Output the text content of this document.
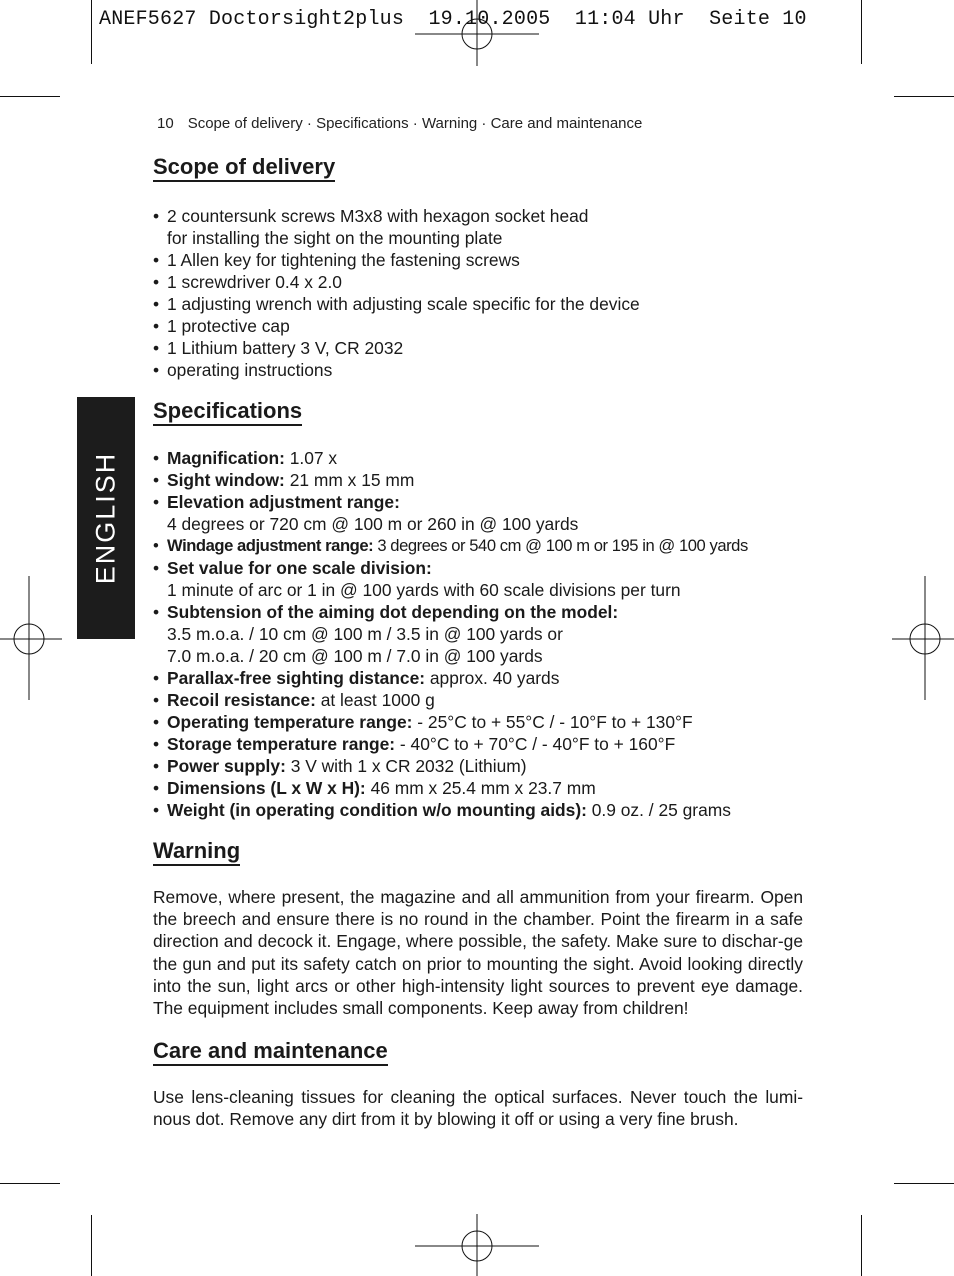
ANEF5627 Doctorsight2plus  19.10.2005  11:04 Uhr  Seite 10
10 Scope of delivery · Specifications · Warning · Care and maintenance
ENGLISH
Scope of delivery
• 2 countersunk screws M3x8 with hexagon socket head
for installing the sight on the mounting plate
• 1 Allen key for tightening the fastening screws
• 1 screwdriver 0.4 x 2.0
• 1 adjusting wrench with adjusting scale specific for the device
• 1 protective cap
• 1 Lithium battery 3 V, CR 2032
• operating instructions
Specifications
• Magnification: 1.07 x
• Sight window: 21 mm x 15 mm
• Elevation adjustment range:
4 degrees or 720 cm @ 100 m or 260 in @ 100 yards
• Windage adjustment range: 3 degrees or 540 cm @ 100 m or 195 in @ 100 yards
• Set value for one scale division:
1 minute of arc or 1 in @ 100 yards with 60 scale divisions per turn
• Subtension of the aiming dot depending on the model:
3.5 m.o.a. / 10 cm @ 100 m / 3.5 in @ 100 yards or
7.0 m.o.a. / 20 cm @ 100 m / 7.0 in @ 100 yards
• Parallax-free sighting distance: approx. 40 yards
• Recoil resistance: at least 1000 g
• Operating temperature range: - 25°C to + 55°C / - 10°F to + 130°F
• Storage temperature range: - 40°C to + 70°C / - 40°F to + 160°F
• Power supply: 3 V with 1 x CR 2032 (Lithium)
• Dimensions (L x W x H): 46 mm x 25.4 mm x 23.7 mm
• Weight (in operating condition w/o mounting aids): 0.9 oz. / 25 grams
Warning

Remove, where present, the magazine and all ammunition from your firearm. Open the breech and ensure there is no round in the chamber. Point the firearm in a safe direction and decock it. Engage, where possible, the safety. Make sure to dischar-ge the gun and put its safety catch on prior to mounting the sight. Avoid looking directly into the sun, light arcs or other high-intensity light sources to prevent eye damage. The equipment includes small components. Keep away from children!

Care and maintenance

Use lens-cleaning tissues for cleaning the optical surfaces. Never touch the lumi-nous dot. Remove any dirt from it by blowing it off or using a very fine brush.
